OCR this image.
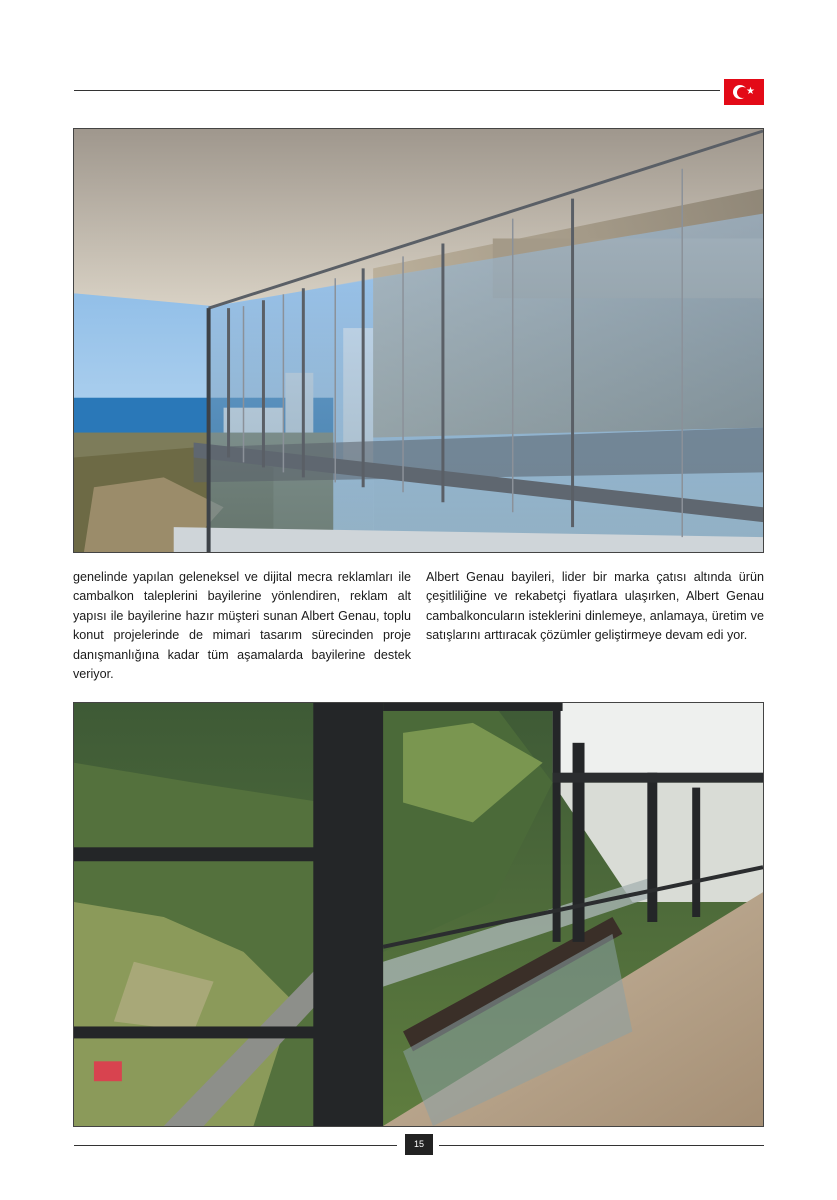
★
genelinde yapılan geleneksel ve dijital mecra reklamları ile cambalkon taleplerini bayilerine yönlendiren, reklam alt yapısı ile bayilerine hazır müşteri sunan Albert Genau, toplu konut projelerinde de mimari tasarım sürecinden proje danışmanlığına kadar tüm aşamalarda bayilerine destek veriyor.
Albert Genau bayileri, lider bir marka çatısı altında ürün çeşitliliğine ve rekabetçi fiyatlara ulaşırken, Albert Genau cambalkoncuların isteklerini dinlemeye, anlamaya, üretim ve satışlarını arttıracak çözümler geliştirmeye devam edi yor.
15
